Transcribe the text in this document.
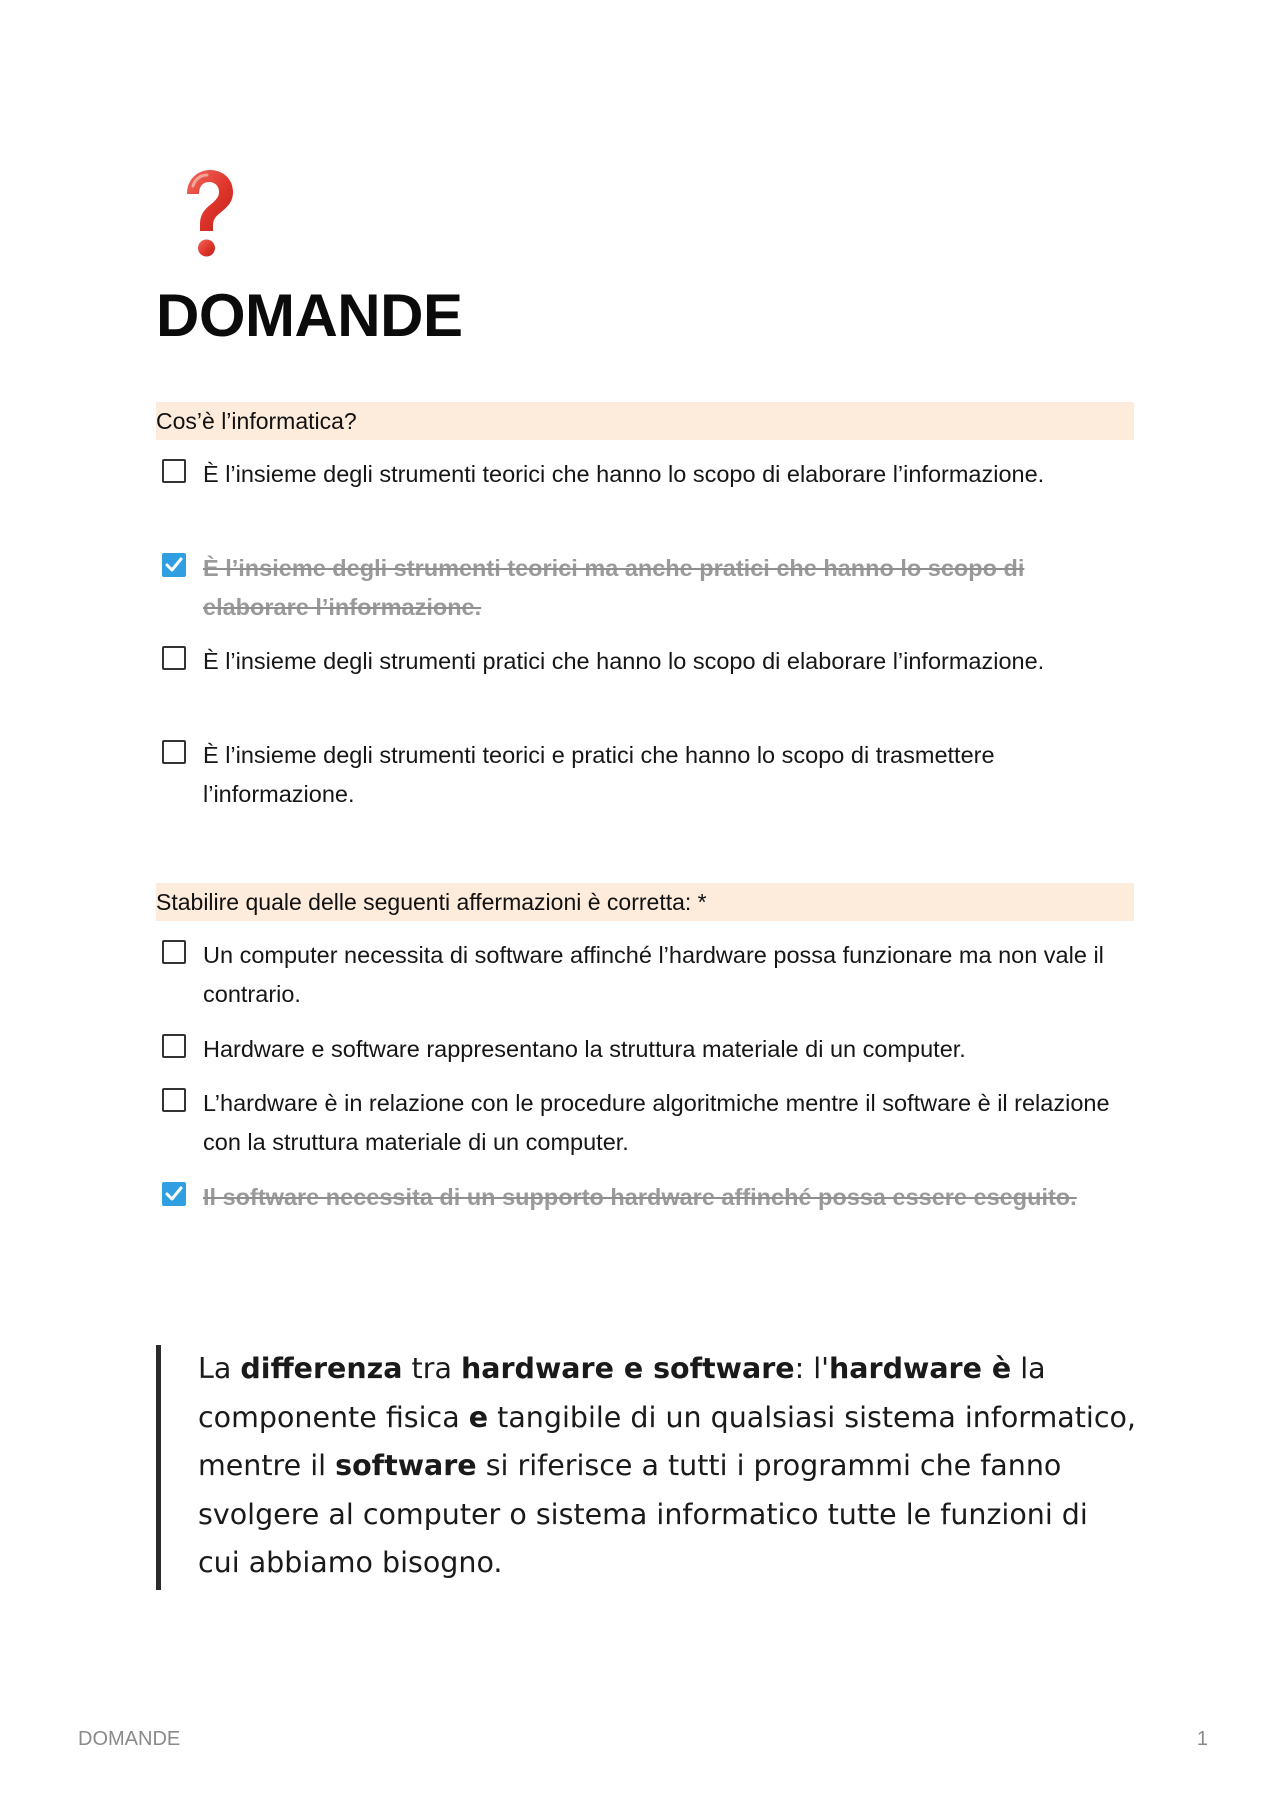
DOMANDE
Cos’è l’informatica?
È l’insieme degli strumenti teorici che hanno lo scopo di elaborare l’informazione.
È l’insieme degli strumenti teorici ma anche pratici che hanno lo scopo di elaborare l’informazione.
È l’insieme degli strumenti pratici che hanno lo scopo di elaborare l’informazione.
È l’insieme degli strumenti teorici e pratici che hanno lo scopo di trasmettere l’informazione.
Stabilire quale delle seguenti affermazioni è corretta: *
Un computer necessita di software affinché l’hardware possa funzionare ma non vale il contrario.
Hardware e software rappresentano la struttura materiale di un computer.
L’hardware è in relazione con le procedure algoritmiche mentre il software è il relazione con la struttura materiale di un computer.
Il software necessita di un supporto hardware affinché possa essere eseguito.

La differenza tra hardware e software: l'hardware è la componente fisica e tangibile di un qualsiasi sistema informatico, mentre il software si riferisce a tutti i programmi che fanno svolgere al computer o sistema informatico tutte le funzioni di cui abbiamo bisogno.

DOMANDE	1
